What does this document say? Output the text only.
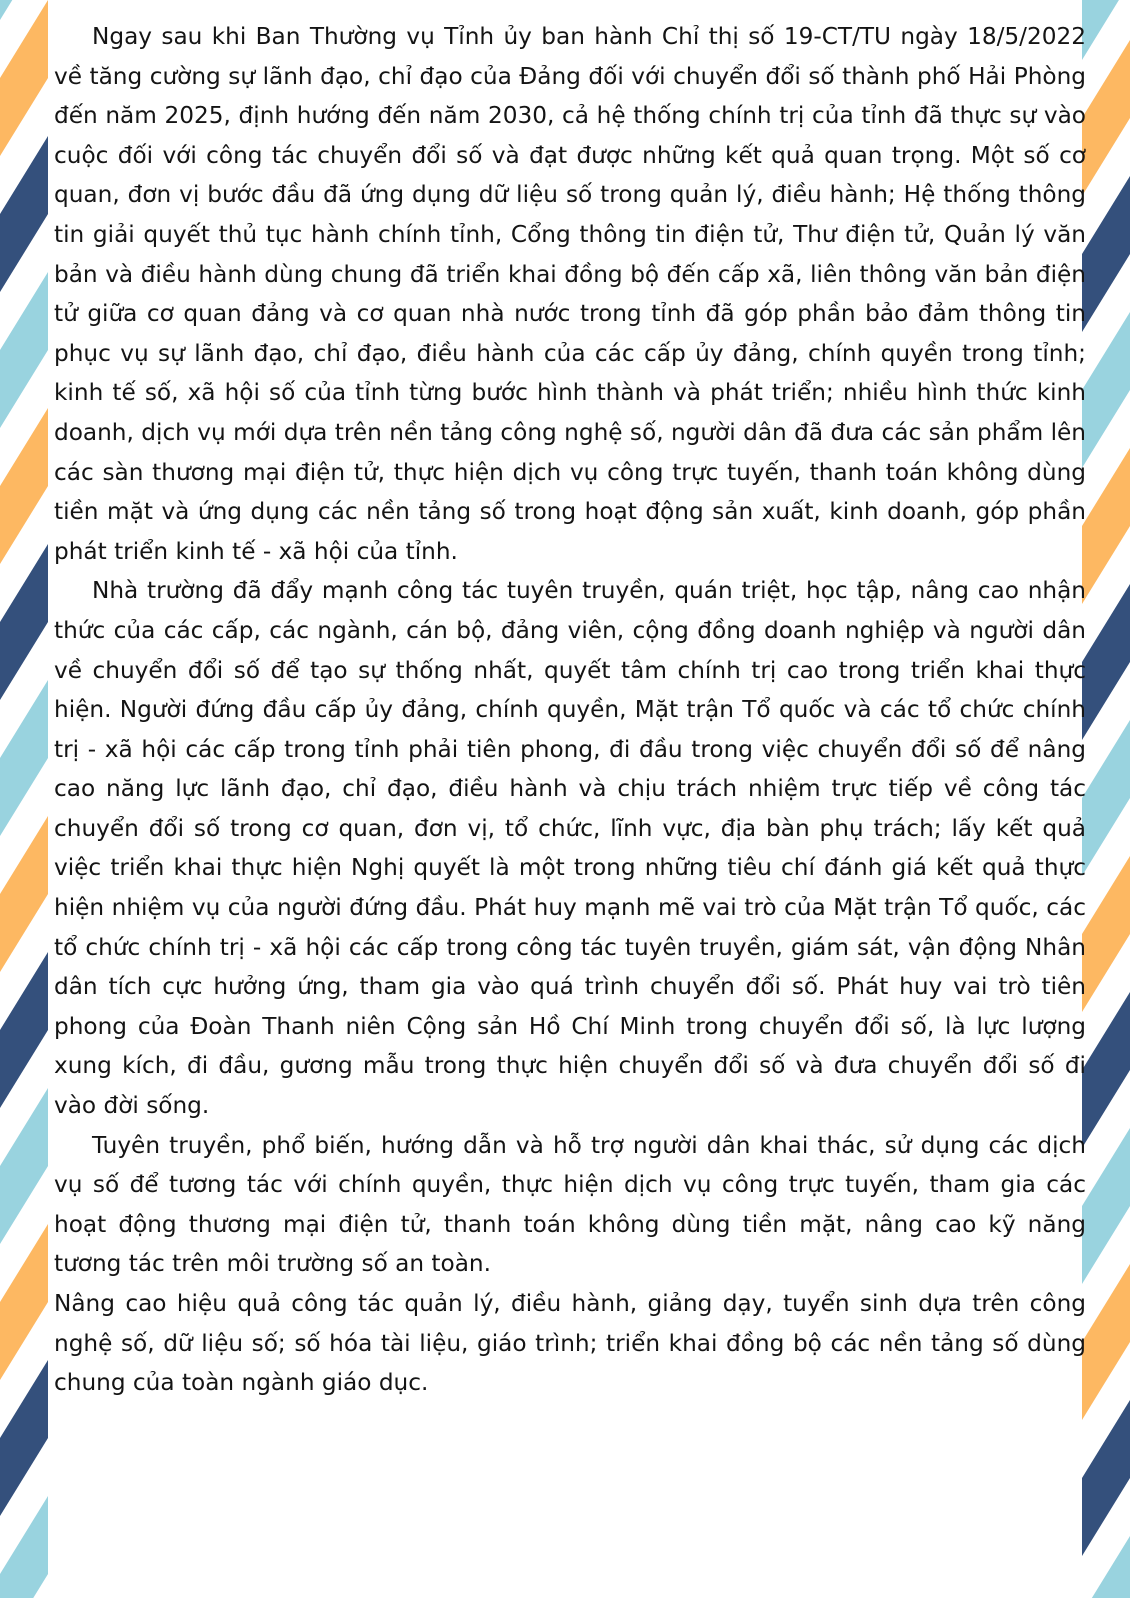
Ngay sau khi Ban Thường vụ Tỉnh ủy ban hành Chỉ thị số 19-CT/TU ngày 18/5/2022 về tăng cường sự lãnh đạo, chỉ đạo của Đảng đối với chuyển đổi số thành phố Hải Phòng đến năm 2025, định hướng đến năm 2030, cả hệ thống chính trị của tỉnh đã thực sự vào cuộc đối với công tác chuyển đổi số và đạt được những kết quả quan trọng. Một số cơ quan, đơn vị bước đầu đã ứng dụng dữ liệu số trong quản lý, điều hành; Hệ thống thông tin giải quyết thủ tục hành chính tỉnh, Cổng thông tin điện tử, Thư điện tử, Quản lý văn bản và điều hành dùng chung đã triển khai đồng bộ đến cấp xã, liên thông văn bản điện tử giữa cơ quan đảng và cơ quan nhà nước trong tỉnh đã góp phần bảo đảm thông tin phục vụ sự lãnh đạo, chỉ đạo, điều hành của các cấp ủy đảng, chính quyền trong tỉnh; kinh tế số, xã hội số của tỉnh từng bước hình thành và phát triển; nhiều hình thức kinh doanh, dịch vụ mới dựa trên nền tảng công nghệ số, người dân đã đưa các sản phẩm lên các sàn thương mại điện tử, thực hiện dịch vụ công trực tuyến, thanh toán không dùng tiền mặt và ứng dụng các nền tảng số trong hoạt động sản xuất, kinh doanh, góp phần phát triển kinh tế - xã hội của tỉnh.

Nhà trường đã đẩy mạnh công tác tuyên truyền, quán triệt, học tập, nâng cao nhận thức của các cấp, các ngành, cán bộ, đảng viên, cộng đồng doanh nghiệp và người dân về chuyển đổi số để tạo sự thống nhất, quyết tâm chính trị cao trong triển khai thực hiện. Người đứng đầu cấp ủy đảng, chính quyền, Mặt trận Tổ quốc và các tổ chức chính trị - xã hội các cấp trong tỉnh phải tiên phong, đi đầu trong việc chuyển đổi số để nâng cao năng lực lãnh đạo, chỉ đạo, điều hành và chịu trách nhiệm trực tiếp về công tác chuyển đổi số trong cơ quan, đơn vị, tổ chức, lĩnh vực, địa bàn phụ trách; lấy kết quả việc triển khai thực hiện Nghị quyết là một trong những tiêu chí đánh giá kết quả thực hiện nhiệm vụ của người đứng đầu. Phát huy mạnh mẽ vai trò của Mặt trận Tổ quốc, các tổ chức chính trị - xã hội các cấp trong công tác tuyên truyền, giám sát, vận động Nhân dân tích cực hưởng ứng, tham gia vào quá trình chuyển đổi số. Phát huy vai trò tiên phong của Đoàn Thanh niên Cộng sản Hồ Chí Minh trong chuyển đổi số, là lực lượng xung kích, đi đầu, gương mẫu trong thực hiện chuyển đổi số và đưa chuyển đổi số đi vào đời sống.

Tuyên truyền, phổ biến, hướng dẫn và hỗ trợ người dân khai thác, sử dụng các dịch vụ số để tương tác với chính quyền, thực hiện dịch vụ công trực tuyến, tham gia các hoạt động thương mại điện tử, thanh toán không dùng tiền mặt, nâng cao kỹ năng tương tác trên môi trường số an toàn.

Nâng cao hiệu quả công tác quản lý, điều hành, giảng dạy, tuyển sinh dựa trên công nghệ số, dữ liệu số; số hóa tài liệu, giáo trình; triển khai đồng bộ các nền tảng số dùng chung của toàn ngành giáo dục.
